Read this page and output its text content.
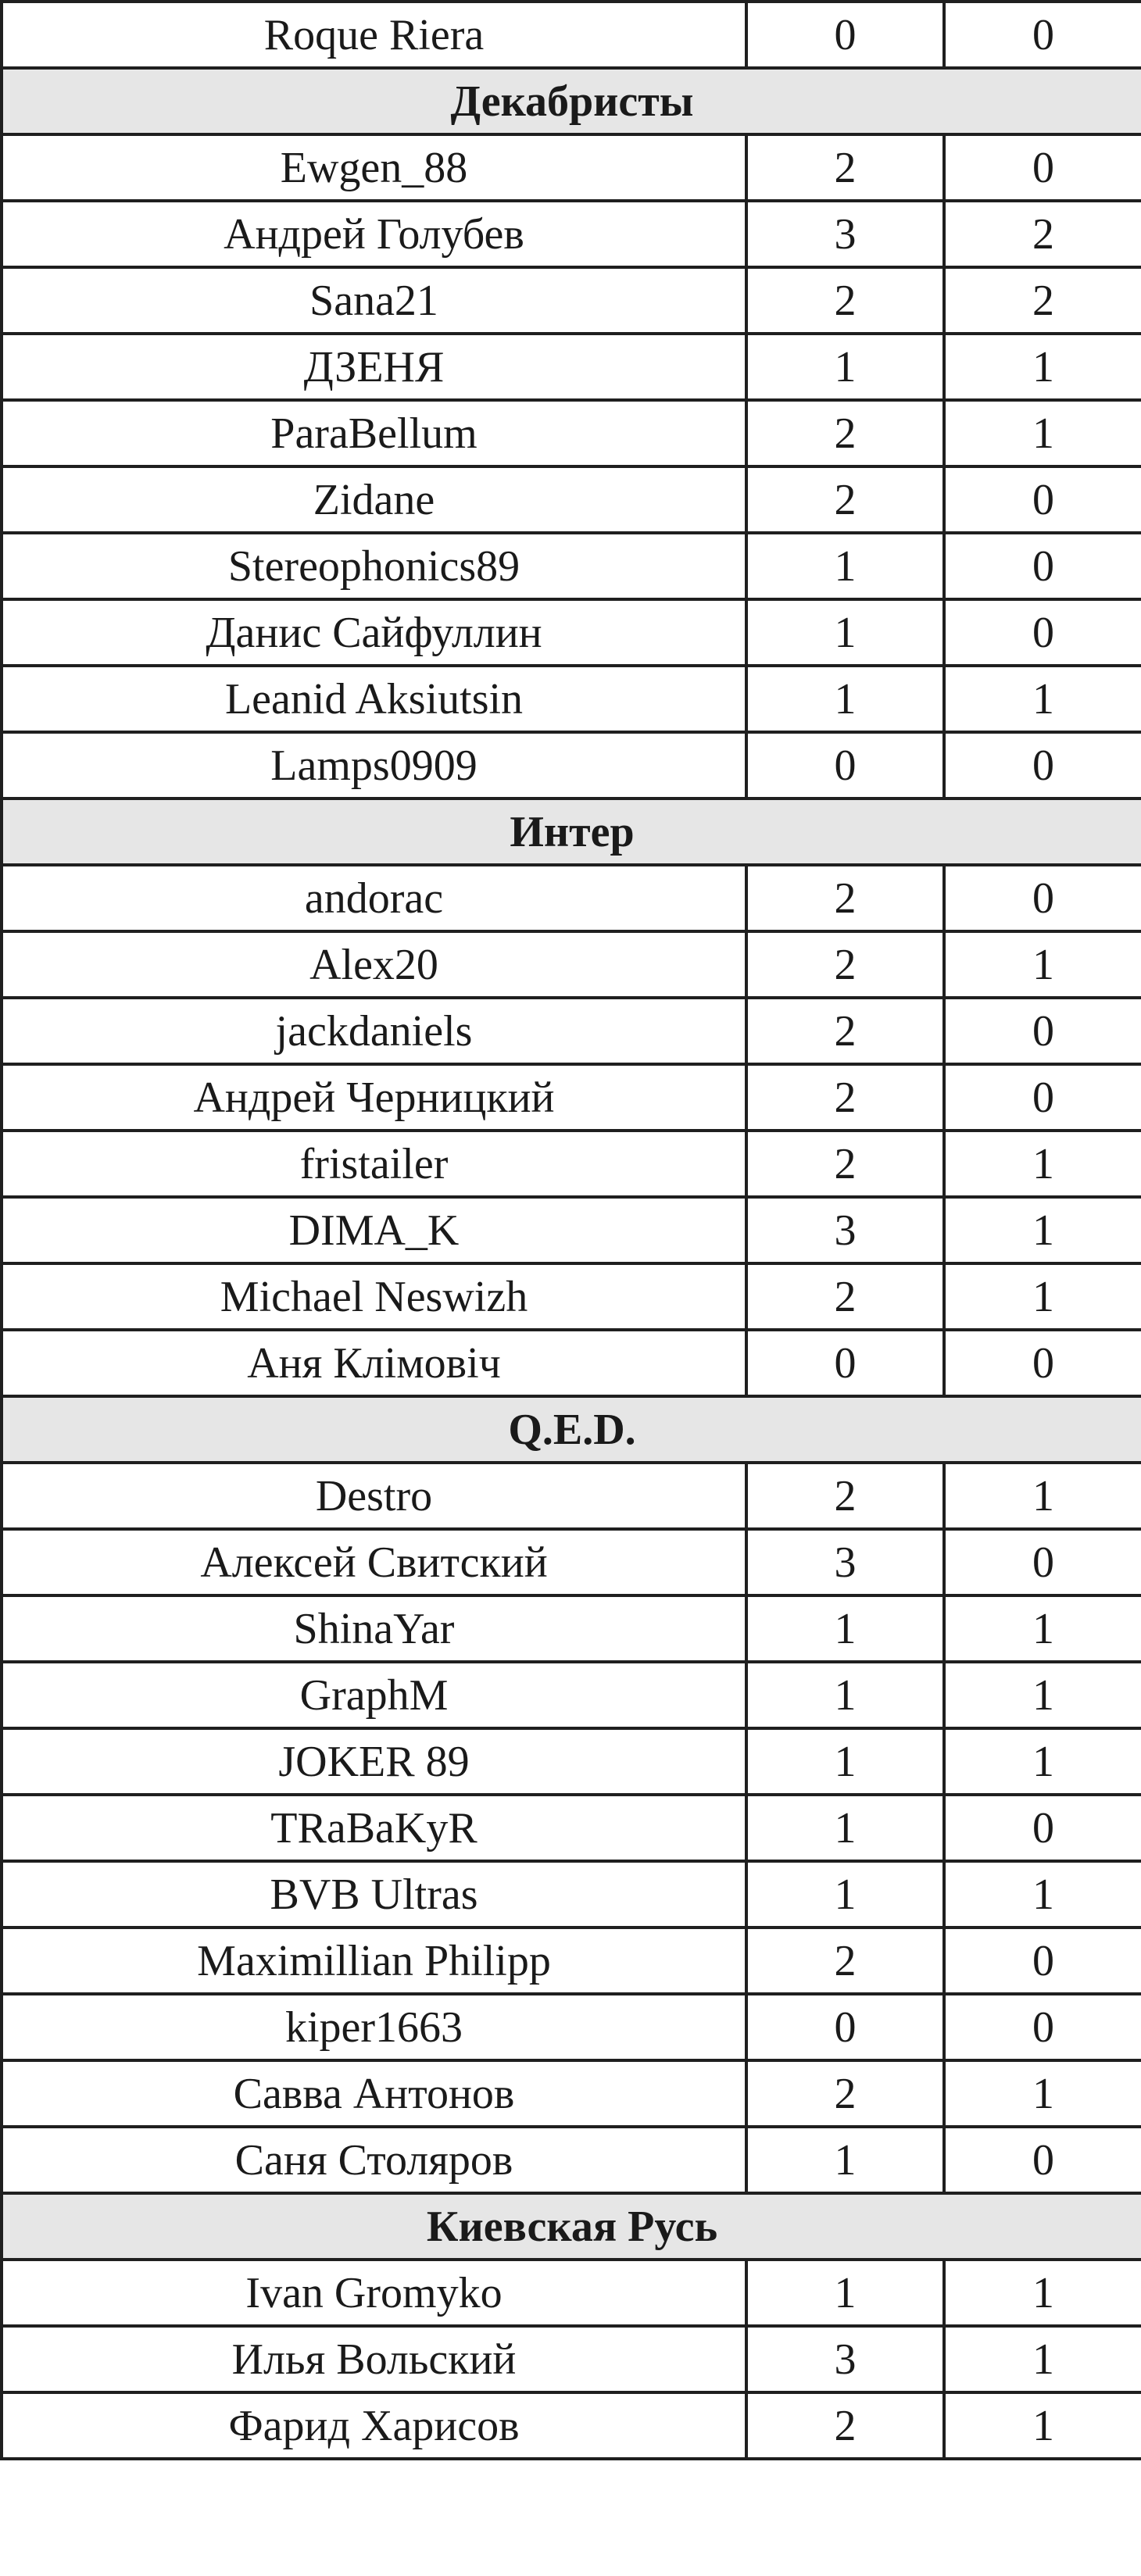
Roque Riera	0	0
Декабристы		
Ewgen_88	2	0
Андрей Голубев	3	2
Sana21	2	2
ДЗЕНЯ	1	1
ParaBellum	2	1
Zidane	2	0
Stereophonics89	1	0
Данис Сайфуллин	1	0
Leanid Aksiutsin	1	1
Lamps0909	0	0
Интер		
andorac	2	0
Alex20	2	1
jackdaniels	2	0
Андрей Черницкий	2	0
fristailer	2	1
DIMA_K	3	1
Michael Neswizh	2	1
Аня Клімовіч	0	0
Q.E.D.		
Destro	2	1
Алексей Свитский	3	0
ShinaYar	1	1
GraphM	1	1
JOKER 89	1	1
TRaBaKyR	1	0
BVB Ultras	1	1
Maximillian Philipp	2	0
kiper1663	0	0
Савва Антонов	2	1
Саня Столяров	1	0
Киевская Русь		
Ivan Gromyko	1	1
Илья Вольский	3	1
Фарид Харисов	2	1
